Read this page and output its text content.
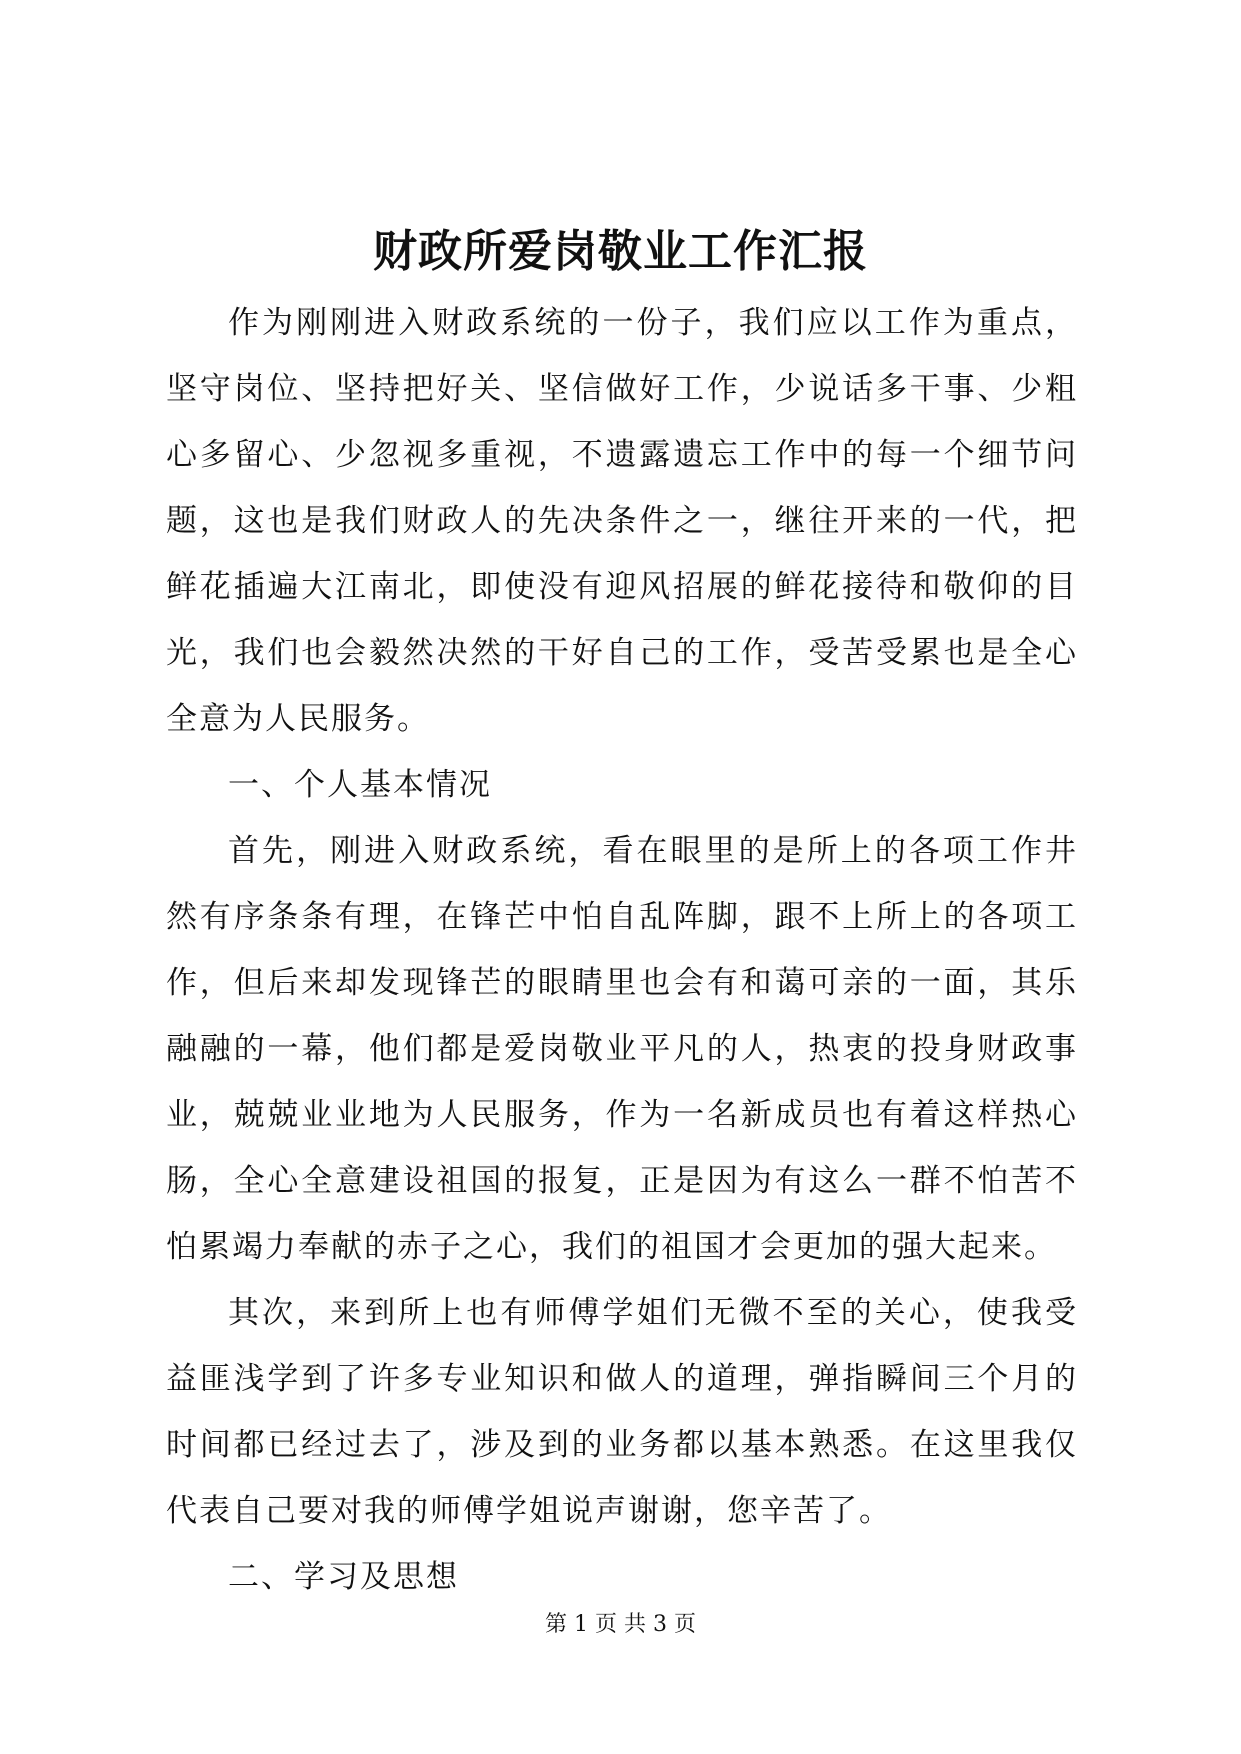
财政所爱岗敬业工作汇报

作为刚刚进入财政系统的一份子，我们应以工作为重点，坚守岗位、坚持把好关、坚信做好工作，少说话多干事、少粗心多留心、少忽视多重视，不遗露遗忘工作中的每一个细节问题，这也是我们财政人的先决条件之一，继往开来的一代，把鲜花插遍大江南北，即使没有迎风招展的鲜花接待和敬仰的目光，我们也会毅然决然的干好自己的工作，受苦受累也是全心全意为人民服务。

一、个人基本情况

首先，刚进入财政系统，看在眼里的是所上的各项工作井然有序条条有理，在锋芒中怕自乱阵脚，跟不上所上的各项工作，但后来却发现锋芒的眼睛里也会有和蔼可亲的一面，其乐融融的一幕，他们都是爱岗敬业平凡的人，热衷的投身财政事业，兢兢业业地为人民服务，作为一名新成员也有着这样热心肠，全心全意建设祖国的报复，正是因为有这么一群不怕苦不怕累竭力奉献的赤子之心，我们的祖国才会更加的强大起来。

其次，来到所上也有师傅学姐们无微不至的关心，使我受益匪浅学到了许多专业知识和做人的道理，弹指瞬间三个月的时间都已经过去了，涉及到的业务都以基本熟悉。在这里我仅代表自己要对我的师傅学姐说声谢谢，您辛苦了。

二、学习及思想

第 1 页 共 3 页
